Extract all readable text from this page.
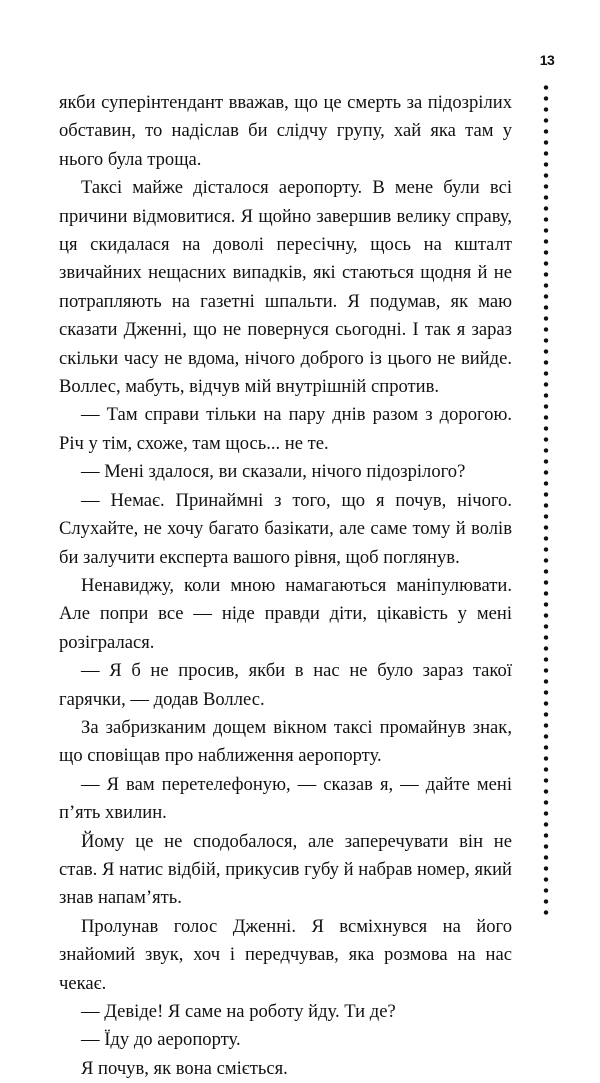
13

якби суперінтендант вважав, що це смерть за підозрілих обставин, то надіслав би слідчу групу, хай яка там у нього була троща.

Таксі майже дісталося аеропорту. В мене були всі причини відмовитися. Я щойно завершив велику справу, ця скидалася на доволі пересічну, щось на кшталт звичайних нещасних випадків, які стаються щодня й не потрапляють на газетні шпальти. Я подумав, як маю сказати Дженні, що не повернуся сьогодні. І так я зараз скільки часу не вдома, нічого доброго із цього не вийде. Воллес, мабуть, відчув мій внутрішній спротив.

— Там справи тільки на пару днів разом з дорогою. Річ у тім, схоже, там щось... не те.

— Мені здалося, ви сказали, нічого підозрілого?

— Немає. Принаймні з того, що я почув, нічого. Слухайте, не хочу багато базікати, але саме тому й волів би залучити експерта вашого рівня, щоб поглянув.

Ненавиджу, коли мною намагаються маніпулювати. Але попри все — ніде правди діти, цікавість у мені розігралася.

— Я б не просив, якби в нас не було зараз такої гарячки, — додав Воллес.

За забризканим дощем вікном таксі промайнув знак, що сповіщав про наближення аеропорту.

— Я вам перетелефоную, — сказав я, — дайте мені п’ять хвилин.

Йому це не сподобалося, але заперечувати він не став. Я натис відбій, прикусив губу й набрав номер, який знав напам’ять.

Пролунав голос Дженні. Я всміхнувся на його знайомий звук, хоч і передчував, яка розмова на нас чекає.

— Девіде! Я саме на роботу йду. Ти де?

— Їду до аеропорту.

Я почув, як вона сміється.
